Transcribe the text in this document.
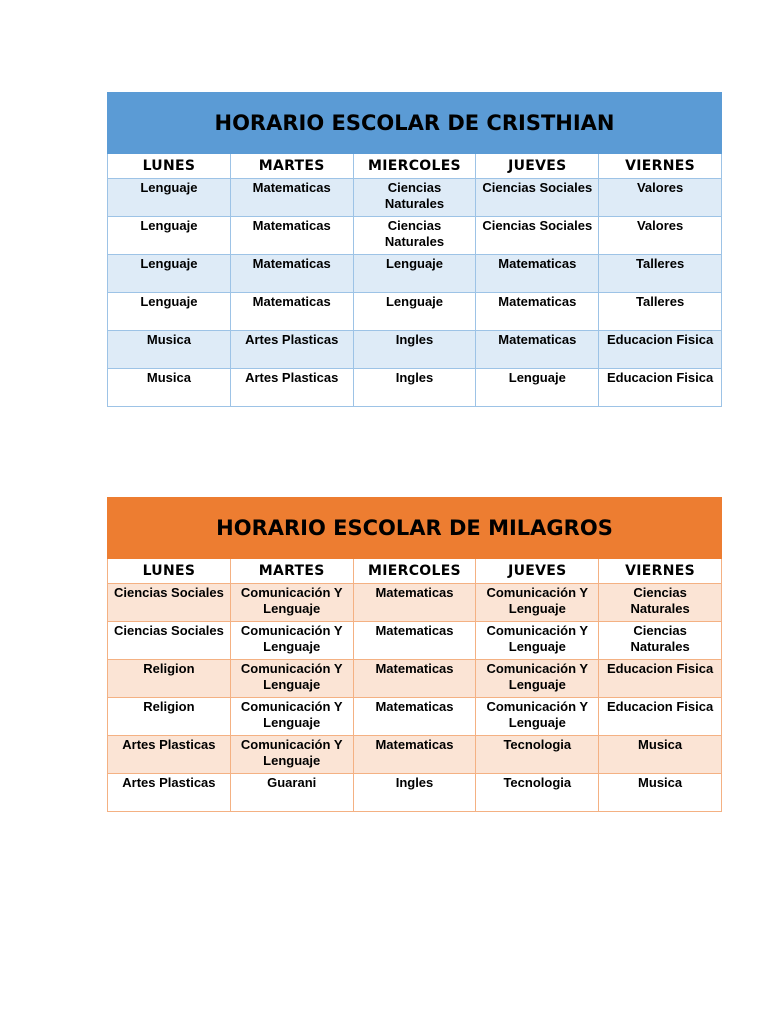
HORARIO ESCOLAR DE CRISTHIAN				
LUNES	MARTES	MIERCOLES	JUEVES	VIERNES
Lenguaje	Matematicas	Ciencias Naturales	Ciencias Sociales	Valores
Lenguaje	Matematicas	Ciencias Naturales	Ciencias Sociales	Valores
Lenguaje	Matematicas	Lenguaje	Matematicas	Talleres
Lenguaje	Matematicas	Lenguaje	Matematicas	Talleres
Musica	Artes Plasticas	Ingles	Matematicas	Educacion Fisica
Musica	Artes Plasticas	Ingles	Lenguaje	Educacion Fisica
HORARIO ESCOLAR DE MILAGROS				
LUNES	MARTES	MIERCOLES	JUEVES	VIERNES
Ciencias Sociales	Comunicación Y Lenguaje	Matematicas	Comunicación Y Lenguaje	Ciencias Naturales
Ciencias Sociales	Comunicación Y Lenguaje	Matematicas	Comunicación Y Lenguaje	Ciencias Naturales
Religion	Comunicación Y Lenguaje	Matematicas	Comunicación Y Lenguaje	Educacion Fisica
Religion	Comunicación Y Lenguaje	Matematicas	Comunicación Y Lenguaje	Educacion Fisica
Artes Plasticas	Comunicación Y Lenguaje	Matematicas	Tecnologia	Musica
Artes Plasticas	Guarani	Ingles	Tecnologia	Musica
